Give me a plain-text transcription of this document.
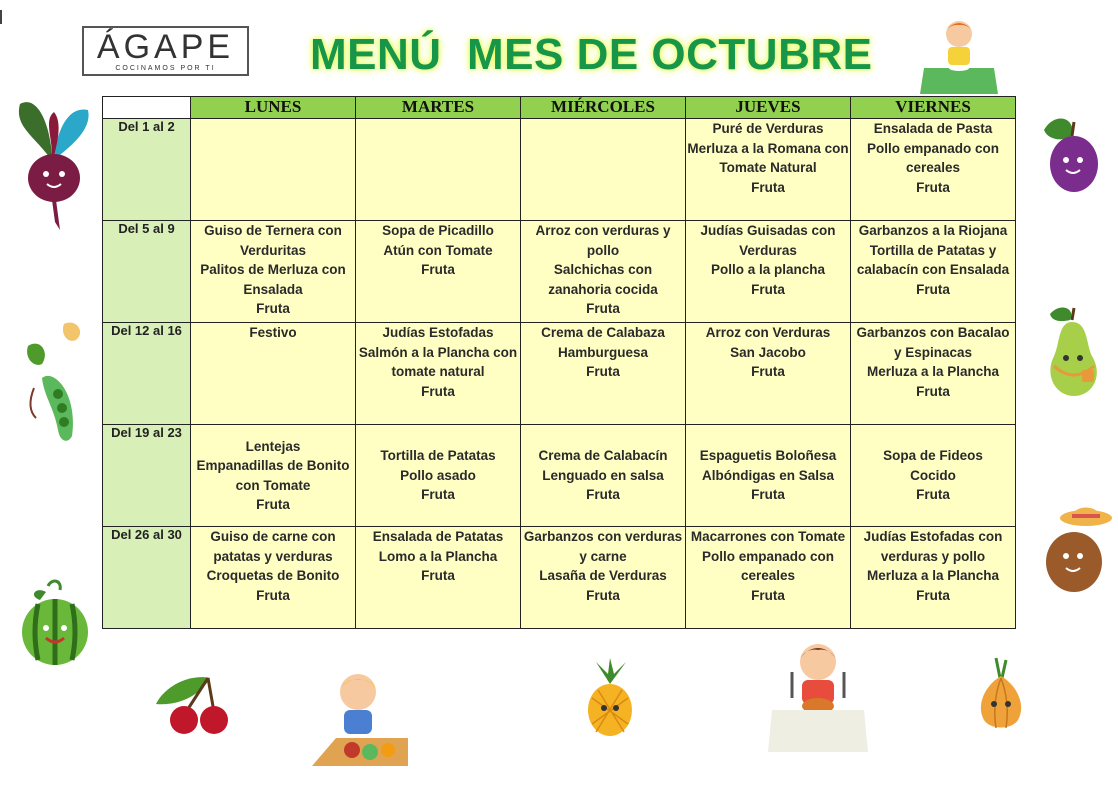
ÁGAPE
COCINAMOS POR TI	MENÚ  MES DE OCTUBRE
	LUNES	MARTES	MIÉRCOLES	JUEVES	VIERNES
Del 1 al 2				Puré de Verduras
Merluza a la Romana con Tomate Natural
Fruta	Ensalada de Pasta
Pollo empanado con cereales
Fruta

Del 5 al 9	Guiso de Ternera con Verduritas
Palitos de Merluza con Ensalada
Fruta	Sopa de Picadillo
Atún con Tomate
Fruta	Arroz con verduras y pollo
Salchichas con zanahoria cocida
Fruta	Judías Guisadas con Verduras
Pollo a la plancha
Fruta	Garbanzos a la Riojana
Tortilla de Patatas y calabacín con Ensalada
Fruta

Del 12 al 16	Festivo	Judías Estofadas
Salmón a la Plancha con tomate natural
Fruta	Crema de Calabaza
Hamburguesa
Fruta	Arroz con Verduras
San Jacobo
Fruta	Garbanzos con Bacalao y Espinacas
Merluza a la Plancha
Fruta

Del 19 al 23	Lentejas
Empanadillas de Bonito con Tomate
Fruta	Tortilla de Patatas
Pollo asado
Fruta	Crema de Calabacín
Lenguado en salsa
Fruta	Espaguetis Boloñesa
Albóndigas en Salsa
Fruta	Sopa de Fideos
Cocido
Fruta

Del 26 al 30	Guiso de carne con patatas y verduras
Croquetas de Bonito
Fruta	Ensalada de Patatas
Lomo a la Plancha
Fruta	Garbanzos con verduras y carne
Lasaña de Verduras
Fruta	Macarrones con Tomate
Pollo empanado con cereales
Fruta	Judías Estofadas con verduras y pollo
Merluza a la Plancha
Fruta
